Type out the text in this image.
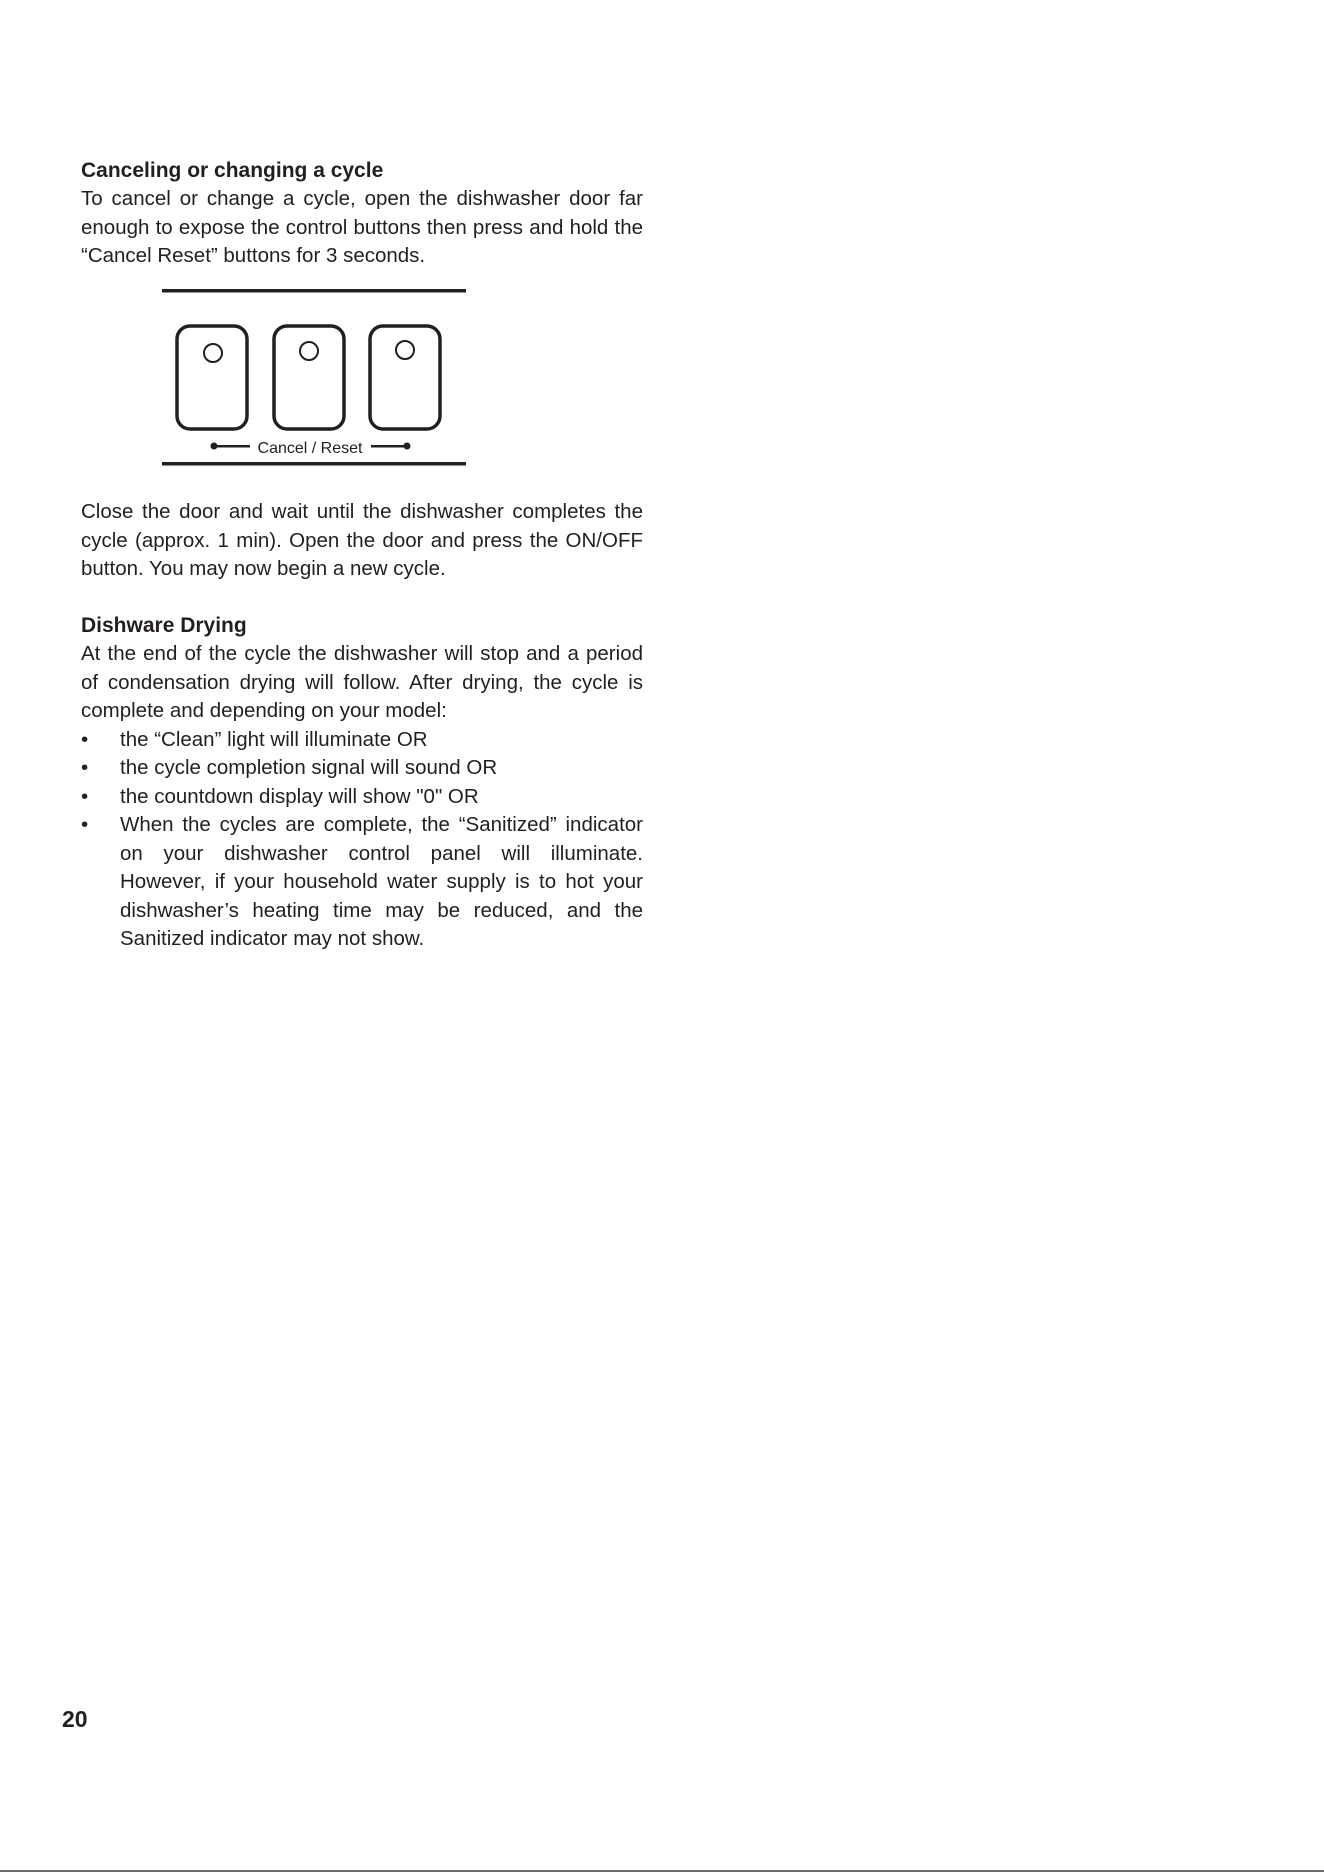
Canceling or changing a cycle

To cancel or change a cycle, open the dishwasher door far enough to expose the control buttons then press and hold the “Cancel Reset” buttons for 3 seconds.

Cancel / Reset

Close the door and wait until the dishwasher completes the cycle (approx. 1 min). Open the door and press the ON/OFF button. You may now begin a new cycle.

Dishware Drying

At the end of the cycle the dishwasher will stop and a period of condensation drying will follow. After drying, the cycle is complete and depending on your model:

• the “Clean” light will illuminate OR
• the cycle completion signal will sound OR
• the countdown display will show "0" OR
• When the cycles are complete, the “Sanitized” indicator on your dishwasher control panel will illuminate. However, if your household water supply is to hot your dishwasher’s heating time may be reduced, and the Sanitized indicator may not show.
20
